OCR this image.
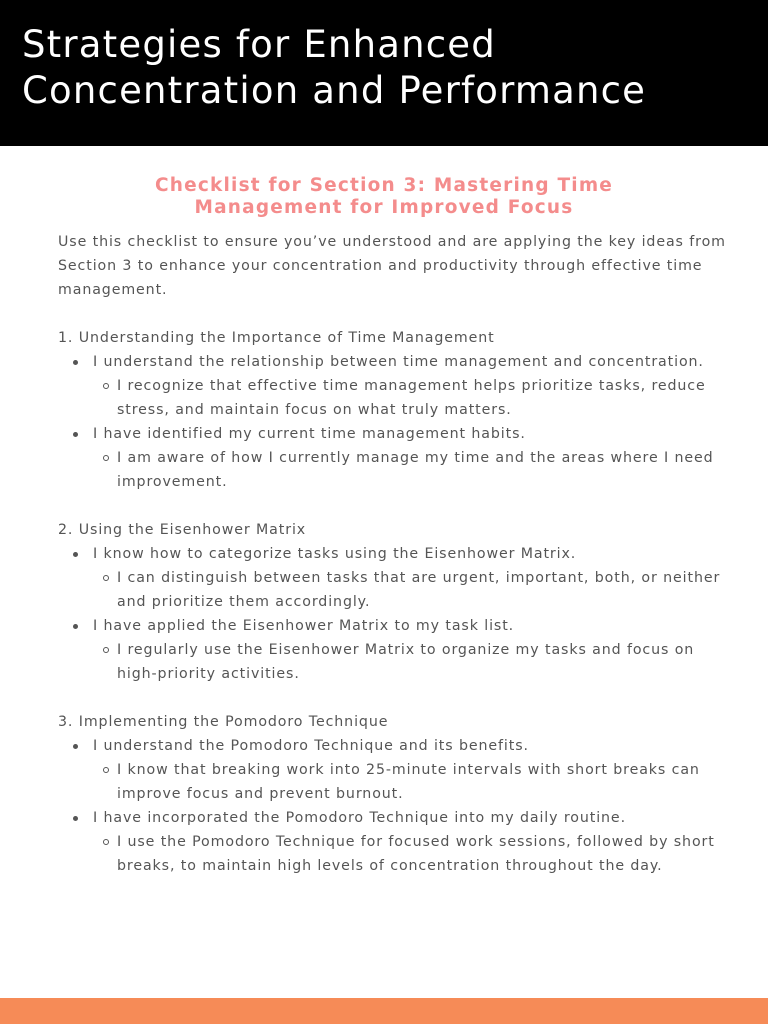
Strategies for Enhanced
Concentration and Performance
Checklist for Section 3: Mastering Time
Management for Improved Focus

Use this checklist to ensure you’ve understood and are applying the key ideas from Section 3 to enhance your concentration and productivity through effective time management.

1. Understanding the Importance of Time Management

I understand the relationship between time management and concentration.
I recognize that effective time management helps prioritize tasks, reduce stress, and maintain focus on what truly matters.
I have identified my current time management habits.
I am aware of how I currently manage my time and the areas where I need improvement.

2. Using the Eisenhower Matrix

I know how to categorize tasks using the Eisenhower Matrix.
I can distinguish between tasks that are urgent, important, both, or neither and prioritize them accordingly.
I have applied the Eisenhower Matrix to my task list.
I regularly use the Eisenhower Matrix to organize my tasks and focus on high-priority activities.

3. Implementing the Pomodoro Technique

I understand the Pomodoro Technique and its benefits.
I know that breaking work into 25-minute intervals with short breaks can improve focus and prevent burnout.
I have incorporated the Pomodoro Technique into my daily routine.
I use the Pomodoro Technique for focused work sessions, followed by short breaks, to maintain high levels of concentration throughout the day.
